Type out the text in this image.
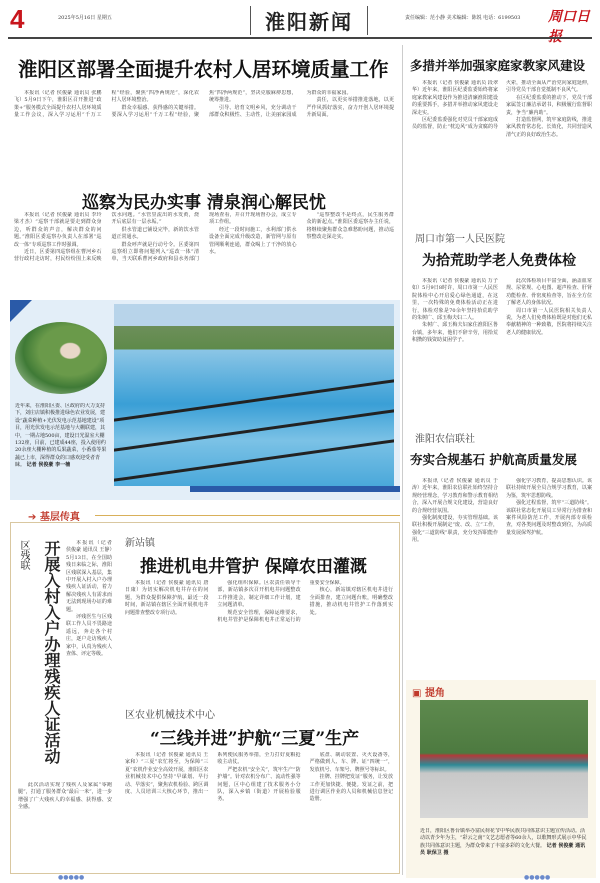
4	2025年5月16日 星期五	淮阳新闻	责任编辑：范小静 美术编辑：陈锐 电话：6199503 周口日报
淮阳区部署全面提升农村人居环境质量工作

本报讯（记者 侯俊豪 通讯员 张鹏飞）5月9日下午，淮阳区召开推进“政策+”服务模式全面提升农村人居环境质量工作会议，深入学习运用“千万工程”经验，聚焦“四净两规范”，深化农村人居环境整治。

群众幸福感、获得感的关键举措。要深入学习运用“千万工程”经验，聚焦“四净两规范”，坚决克服麻痹思想，统筹推进。

引导、培育文明乡风，充分调动干部群众积极性、主动性，让美丽家园成为群众的幸福家园。

责任，以更实举措推进落地，以更严作风抓好落实，奋力开创人居环境提升新局面。

巡察为民办实事 清泉润心解民忧

本报讯（记者 侯俊豪 通讯员 李玲 梁才杰）“巡察干部就是要走到群众身边，听群众的声音，解决群众的问题。”淮阳区委巡察办负责人在部署“巡改一体”专项巡察工作时强调。

近日，区委第四巡察组在曹河乡石营行政村走访时，村民纷纷围上来反映饮水问题。“水管里流出的水发黄，烧开后底层有一层水垢。”

供水管道已铺设完毕，新的饮水管道正常通水。

群众呼声就是行动号令。区委第四巡察组立即将问题列入“巡改一体”清单，当天联系曹河乡政府和县水务部门现场查看，并召开现场督办会，成立专项工作组。

经过一段时间施工，水利部门供水设备全面完成升级改造，新管网与原有管网顺利连通，群众喝上了干净的放心水。

“巡察整改不是终点，民生服务群众的新起点。”淮阳区委巡察办主任说，将继续聚焦群众急难愁盼问题，推动巡察整改走深走实。

近年来，在淮阳区委、区政府的大力支持下，刘庄店镇积极推进绿色农业发展，建设“蔬菜种植+光伏发电示范基地建设”项目，用光伏发电示范基地与大棚联建，其中，一期占地500亩，建设日光温室大棚132座，目前，已建成44座，投入使用约20余座大棚种植的瓜果蔬菜，小番茄等果蔬已上市，深得群众的口感欢迎受者青睐。 记者 侯俊豪 李一楠
➔ 基层传真
区残联 开展入村入户办理残疾人证活动	本报讯（记者 侯俊豪 通讯员 王静）5月13日，在全国助残日来临之际，淮阳区残联深入基层，集中开展入村入户办理残疾人证活动，着力解决残疾人有需求而无法到现场办证的难题。

评残医生与区残联工作人员不畏路途遥远，奔走各个村庄，逐户走访残疾人家中，认真为残疾人查体、评定等级。

此次活动实现了残疾人及家属“零跑腿”，打通了服务群众“最后一米”，进一步增强了广大残疾人的幸福感、获得感、安全感。

新站镇
推进机电井管护 保障农田灌溉

本报讯（记者 侯俊豪 通讯员 唐日康）为切实解决机电井存在的问题，为群众提供保障护航，最近一段时间，新站镇在辖区全面开展机电井问题排查整改专项行动。

强化组织保障。区农责任领导干部，新站镇多次召开机电井问题整改工作推进会，制定详细工作计划，建立问题清单。

规范安全管理，保障运维要求，机电井管护是保障机电井正常运行的重要安全保障。

核心，新站镇对辖区机电井进行全面排查，建立问题台账，明确整改措施，推动机电井管护工作落到实处。

区农业机械技术中心
“三线并进”护航“三夏”生产

本报讯（记者 侯俊豪 通讯员 王家和）“三夏”农忙将至，为保障“三夏”农机作业安全高效开展，淮阳区农业机械技术中心坚持“早谋划、早行动、早落实”，聚焦农机检验、跨区调度、人员培训三大核心环节，推出一系列便民服务举措，全力打好夏粮抢收主动仗。

严把农机“安全关”，筑牢生产“防护墙”。针对农机分布广、流动性强等问题，区中心组建了技术服务小分队，深入乡镇（街道）开展检验服务。

底盘、制动装置、灭火设备等，严格做到人、车、牌、证“四统一”，发放机号、车架号、牌照号等标识。

挂牌、挂牌把发证“服务，让发放工作更加快捷、便捷。发证之前，把进行调区作业的人员和机械信息登记造册。

●●●●●
多措并举加强家庭家教家风建设

本报讯（记者 侯俊豪 通讯员 段翠华）近年来，淮阳区纪委监委始终将家庭家教家风建设作为推进清廉淮阳建设的重要抓手，多措并举推动家风建设走深走实。

区纪委监委强化对党员干部家庭成员的监督，防止“枕边风”成为贪腐的导火索，推动全面从严治党向家庭延伸，引导党员干部自觉抵制不良风气。

在区纪委监委的推动下，党员干部家属签订廉洁承诺书，积极履行监督职责，争当“廉内助”。

打造监督网，筑牢家庭防线，推进家风教育常态化、长效化，共同营造风清气正的良好政治生态。

周口市第一人民医院
为拾荒助学老人免费体检

本报讯（记者 侯俊豪 通讯员 万子如）5月9日8时许，周口市第一人民医院体检中心开启爱心绿色通道，在这里，一次特殊的免费体检活动正在进行，体检对象是70余年坚持拾荒助学的朱树广、邱玉梅夫妇二人。

朱树广、邱玉梅夫妇家住淮阳区鲁台镇，多年来，他们不辞辛劳，用拾荒积攒的钱资助贫困学子。

此次体检项目丰富全面，涵盖血常规、尿常规、心电图、超声检查、肝肾功能检查、骨密度检查等，旨在全方位了解老人的身体状况。

周口市第一人民医院相关负责人说，为老人们免费体检既是对他们无私奉献精神的一种致敬，医院将持续关注老人的健康状况。

淮阳农信联社
夯实合规基石 护航高质量发展

本报讯（记者 侯俊豪 通讯员 于涛）近年来，淮阳农信联社始终坚持合规经营理念，学习教育和警示教育相结合，深入开展合规文化建设，营造良好的合规经营氛围。

强化制度建设，夯实管理基础。该联社积极开展制定“废、改、立”工作，强化“三道防线”职责，充分发挥职能作用。

强化学习教育，提高思想认识。该联社持续开展全员合规学习教育，以案为鉴，筑牢思想防线。

强化过程监督，筑牢“三道防线”。该联社常态化开展员工异常行为排查和案件风险防范工作，开展内部专项检查，对各类问题及时整改到位，为高质量发展保驾护航。

▣ 提角
近日，淮阳区鲁台镇举办富民荷花节中华民族共同体意识主题宣传活动。活动以青少年为主，“彩云之南”文艺志愿者等60余人，以歌舞形式展示中华民族共同体意识主题，为群众带来了丰富多彩的文化大餐。 记者 侯俊豪 通讯员 耿保卫 摄
●●●●●
